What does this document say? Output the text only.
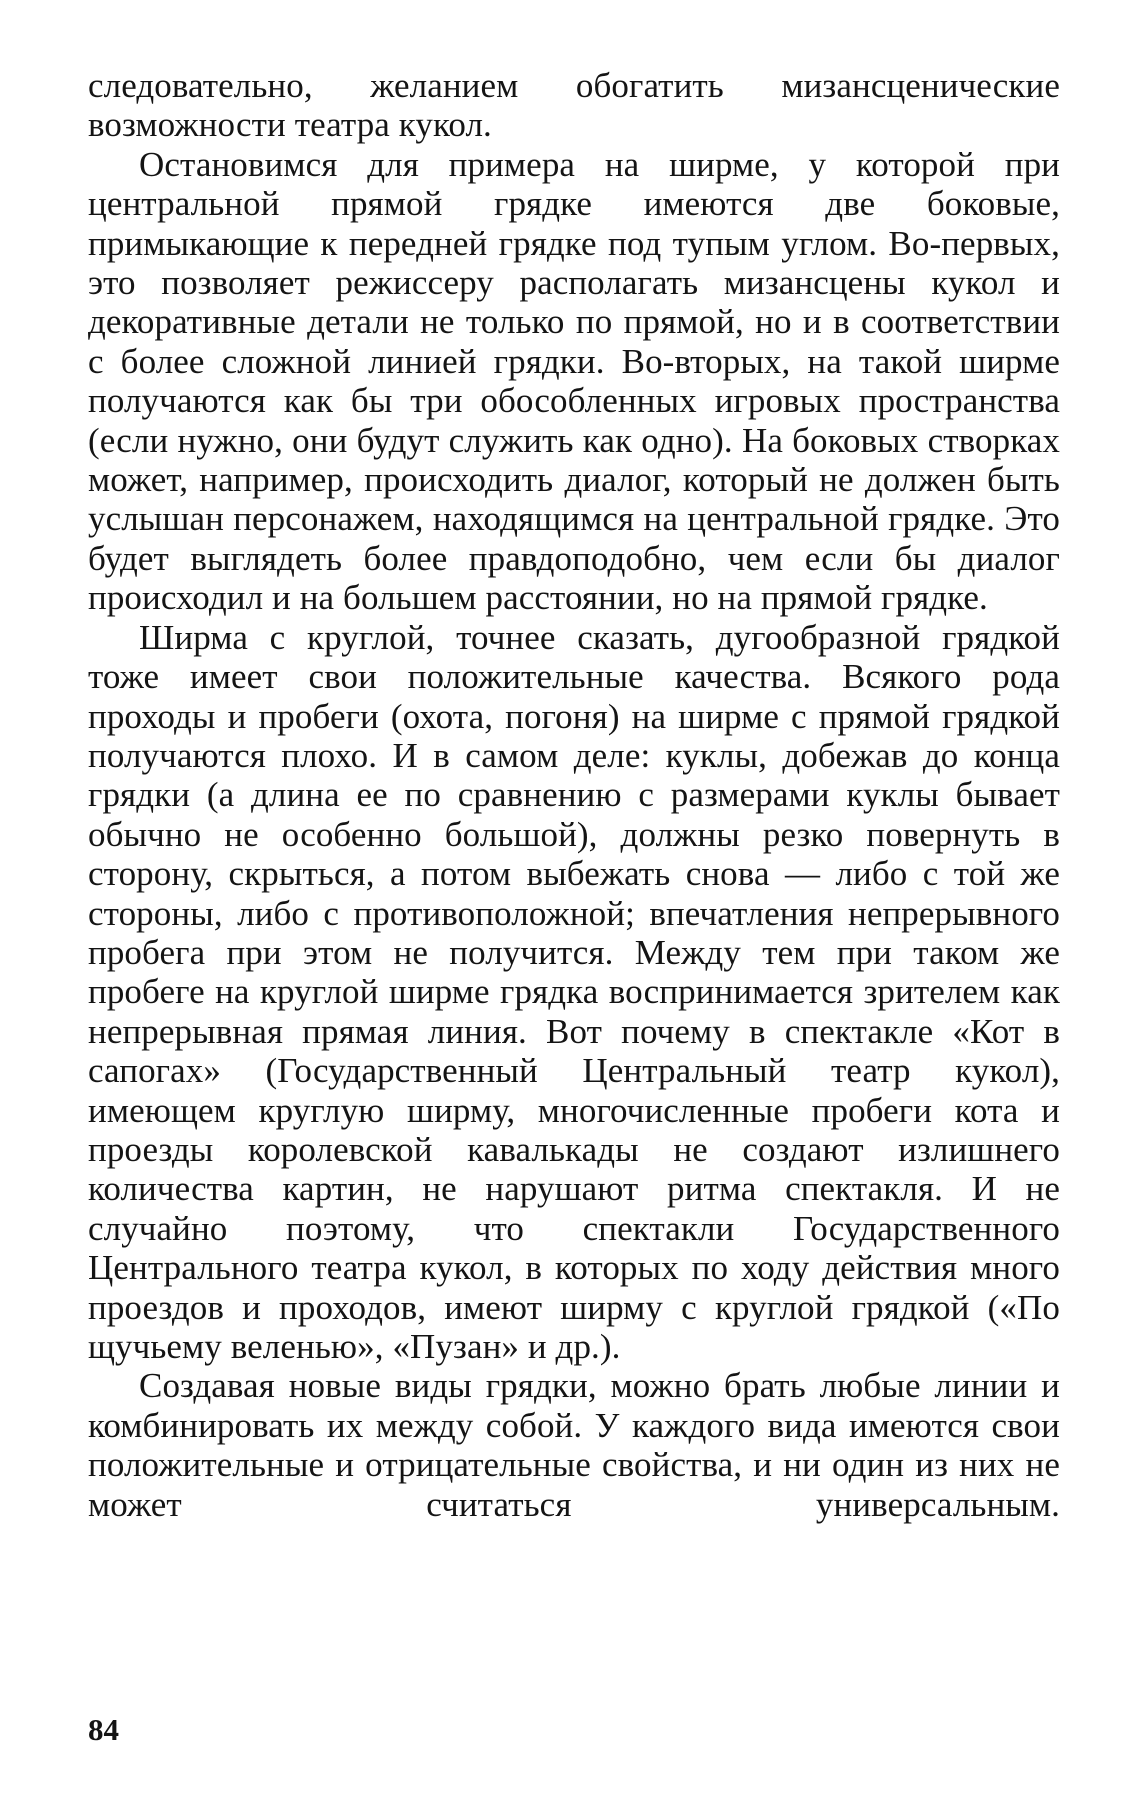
следовательно, желанием обогатить мизансценические возможности театра кукол.

Остановимся для примера на ширме, у которой при центральной прямой грядке имеются две боковые, примыкающие к передней грядке под тупым углом. Во-первых, это позволяет режиссеру располагать мизансцены кукол и декоративные детали не только по прямой, но и в соответствии с более сложной линией грядки. Во-вторых, на такой ширме получаются как бы три обособленных игровых пространства (если нужно, они будут служить как одно). На боковых створках может, например, происходить диалог, который не должен быть услышан персонажем, находящимся на центральной грядке. Это будет выглядеть более правдоподобно, чем если бы диалог происходил и на большем расстоянии, но на прямой грядке.

Ширма с круглой, точнее сказать, дугообразной грядкой тоже имеет свои положительные качества. Всякого рода проходы и пробеги (охота, погоня) на ширме с прямой грядкой получаются плохо. И в самом деле: куклы, добежав до конца грядки (а длина ее по сравнению с размерами куклы бывает обычно не особенно большой), должны резко повернуть в сторону, скрыться, а потом выбежать снова — либо с той же стороны, либо с противоположной; впечатления непрерывного пробега при этом не получится. Между тем при таком же пробеге на круглой ширме грядка воспринимается зрителем как непрерывная прямая линия. Вот почему в спектакле «Кот в сапогах» (Государственный Центральный театр кукол), имеющем круглую ширму, многочисленные пробеги кота и проезды королевской кавалькады не создают излишнего количества картин, не нарушают ритма спектакля. И не случайно поэтому, что спектакли Государственного Центрального театра кукол, в которых по ходу действия много проездов и проходов, имеют ширму с круглой грядкой («По щучьему веленью», «Пузан» и др.).

Создавая новые виды грядки, можно брать любые линии и комбинировать их между собой. У каждого вида имеются свои положительные и отрицательные свойства, и ни один из них не может считаться универсальным.

84
